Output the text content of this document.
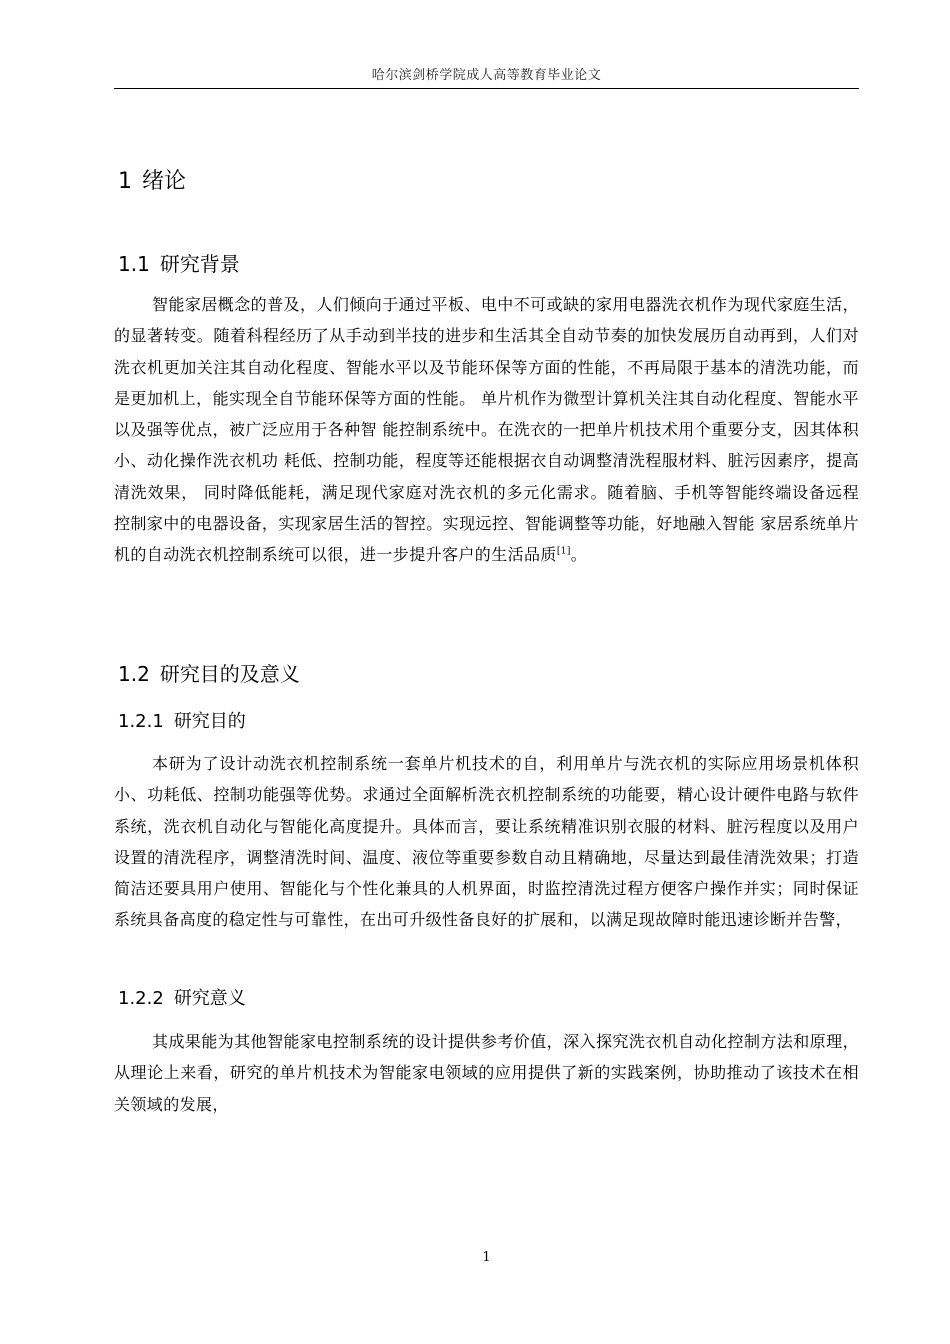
哈尔滨剑桥学院成人高等教育毕业论文
1 绪论
1.1 研究背景

智能家居概念的普及，人们倾向于通过平板、电中不可或缺的家用电器洗衣机作为现代家庭生活，的显著转变。随着科程经历了从手动到半技的进步和生活其全自动节奏的加快发展历自动再到，人们对洗衣机更加关注其自动化程度、智能水平以及节能环保等方面的性能，不再局限于基本的清洗功能，而是更加机上，能实现全自节能环保等方面的性能。 单片机作为微型计算机关注其自动化程度、智能水平以及强等优点，被广泛应用于各种智 能控制系统中。在洗衣的一把单片机技术用个重要分支，因其体积小、动化操作洗衣机功 耗低、控制功能，程度等还能根据衣自动调整清洗程服材料、脏污因素序，提高清洗效果， 同时降低能耗，满足现代家庭对洗衣机的多元化需求。随着脑、手机等智能终端设备远程 控制家中的电器设备，实现家居生活的智控。实现远控、智能调整等功能，好地融入智能 家居系统单片机的自动洗衣机控制系统可以很，进一步提升客户的生活品质[1]。

1.2 研究目的及意义
1.2.1 研究目的

本研为了设计动洗衣机控制系统一套单片机技术的自，利用单片与洗衣机的实际应用场景机体积小、功耗低、控制功能强等优势。求通过全面解析洗衣机控制系统的功能要，精心设计硬件电路与软件系统，洗衣机自动化与智能化高度提升。具体而言，要让系统精准识别衣服的材料、脏污程度以及用户设置的清洗程序，调整清洗时间、温度、液位等重要参数自动且精确地，尽量达到最佳清洗效果；打造简洁还要具用户使用、智能化与个性化兼具的人机界面，时监控清洗过程方便客户操作并实；同时保证系统具备高度的稳定性与可靠性，在出可升级性备良好的扩展和，以满足现故障时能迅速诊断并告警，

1.2.2 研究意义

其成果能为其他智能家电控制系统的设计提供参考价值，深入探究洗衣机自动化控制方法和原理，从理论上来看，研究的单片机技术为智能家电领域的应用提供了新的实践案例，协助推动了该技术在相关领域的发展，

1
